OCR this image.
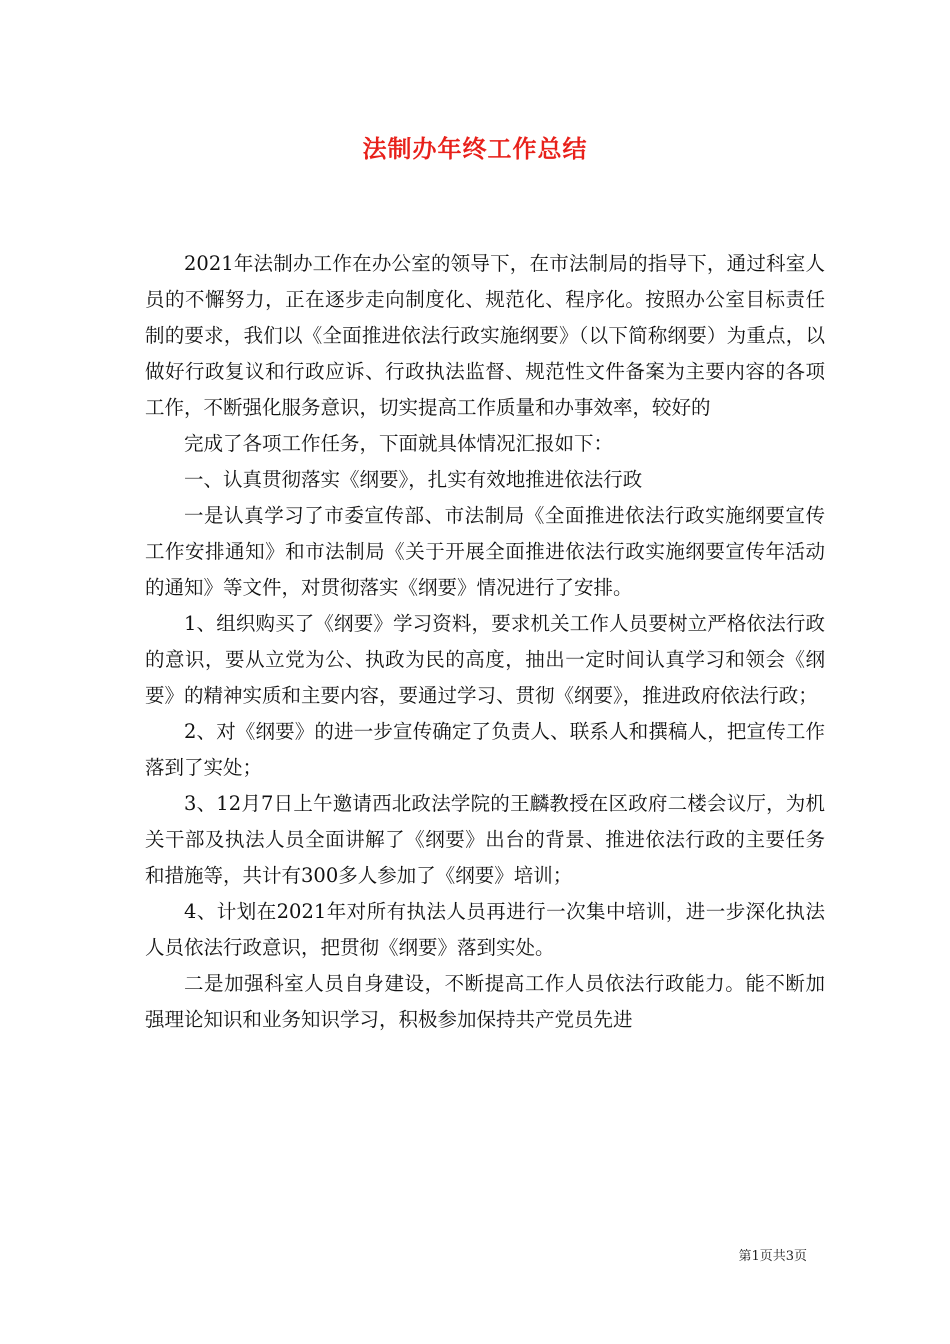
法制办年终工作总结

2021年法制办工作在办公室的领导下，在市法制局的指导下，通过科室人员的不懈努力，正在逐步走向制度化、规范化、程序化。按照办公室目标责任制的要求，我们以《全面推进依法行政实施纲要》（以下简称纲要）为重点，以做好行政复议和行政应诉、行政执法监督、规范性文件备案为主要内容的各项工作，不断强化服务意识，切实提高工作质量和办事效率，较好的

完成了各项工作任务，下面就具体情况汇报如下：

一、认真贯彻落实《纲要》，扎实有效地推进依法行政

一是认真学习了市委宣传部、市法制局《全面推进依法行政实施纲要宣传工作安排通知》和市法制局《关于开展全面推进依法行政实施纲要宣传年活动的通知》等文件，对贯彻落实《纲要》情况进行了安排。

1、组织购买了《纲要》学习资料，要求机关工作人员要树立严格依法行政的意识，要从立党为公、执政为民的高度，抽出一定时间认真学习和领会《纲要》的精神实质和主要内容，要通过学习、贯彻《纲要》，推进政府依法行政；

2、对《纲要》的进一步宣传确定了负责人、联系人和撰稿人，把宣传工作落到了实处；

3、12月7日上午邀请西北政法学院的王麟教授在区政府二楼会议厅，为机关干部及执法人员全面讲解了《纲要》出台的背景、推进依法行政的主要任务和措施等，共计有300多人参加了《纲要》培训；

4、计划在2021年对所有执法人员再进行一次集中培训，进一步深化执法人员依法行政意识，把贯彻《纲要》落到实处。

二是加强科室人员自身建设，不断提高工作人员依法行政能力。能不断加强理论知识和业务知识学习，积极参加保持共产党员先进

第1页共3页
